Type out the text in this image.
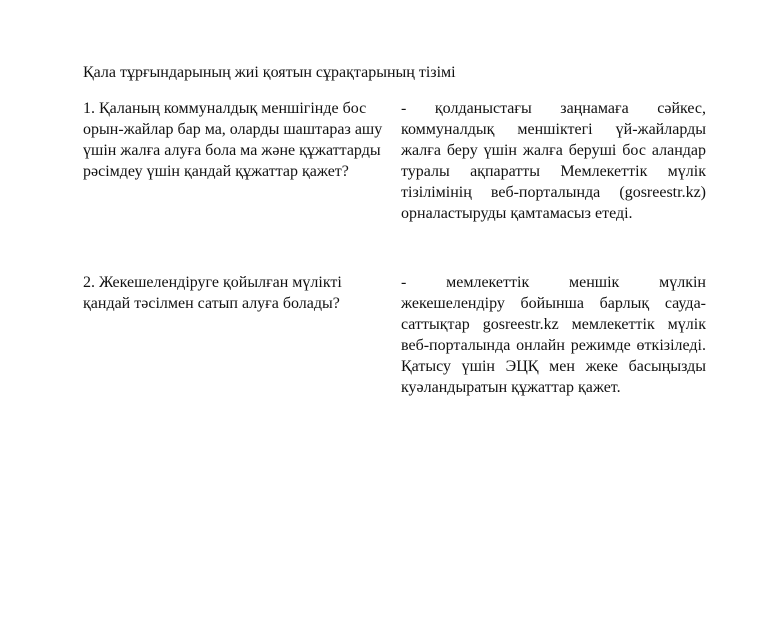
Қала тұрғындарының жиі қоятын сұрақтарының тізімі
1. Қаланың коммуналдық меншігінде бос орын-жайлар бар ма, оларды шаштараз ашу үшін жалға алуға бола ма және құжаттарды рәсімдеу үшін қандай құжаттар қажет?
- қолданыстағы заңнамаға сәйкес, коммуналдық меншіктегі үй-жайларды жалға беру үшін жалға беруші бос аландар туралы ақпаратты Мемлекеттік мүлік тізілімінің веб-порталында (gosreestr.kz) орналастыруды қамтамасыз етеді.
2. Жекешелендіруге қойылған мүлікті қандай тәсілмен сатып алуға болады?
- мемлекеттік меншік мүлкін жекешелендіру бойынша барлық сауда-саттықтар gosreestr.kz мемлекеттік мүлік веб-порталында онлайн режимде өткізіледі. Қатысу үшін ЭЦҚ мен жеке басыңызды куәландыратын құжаттар қажет.
